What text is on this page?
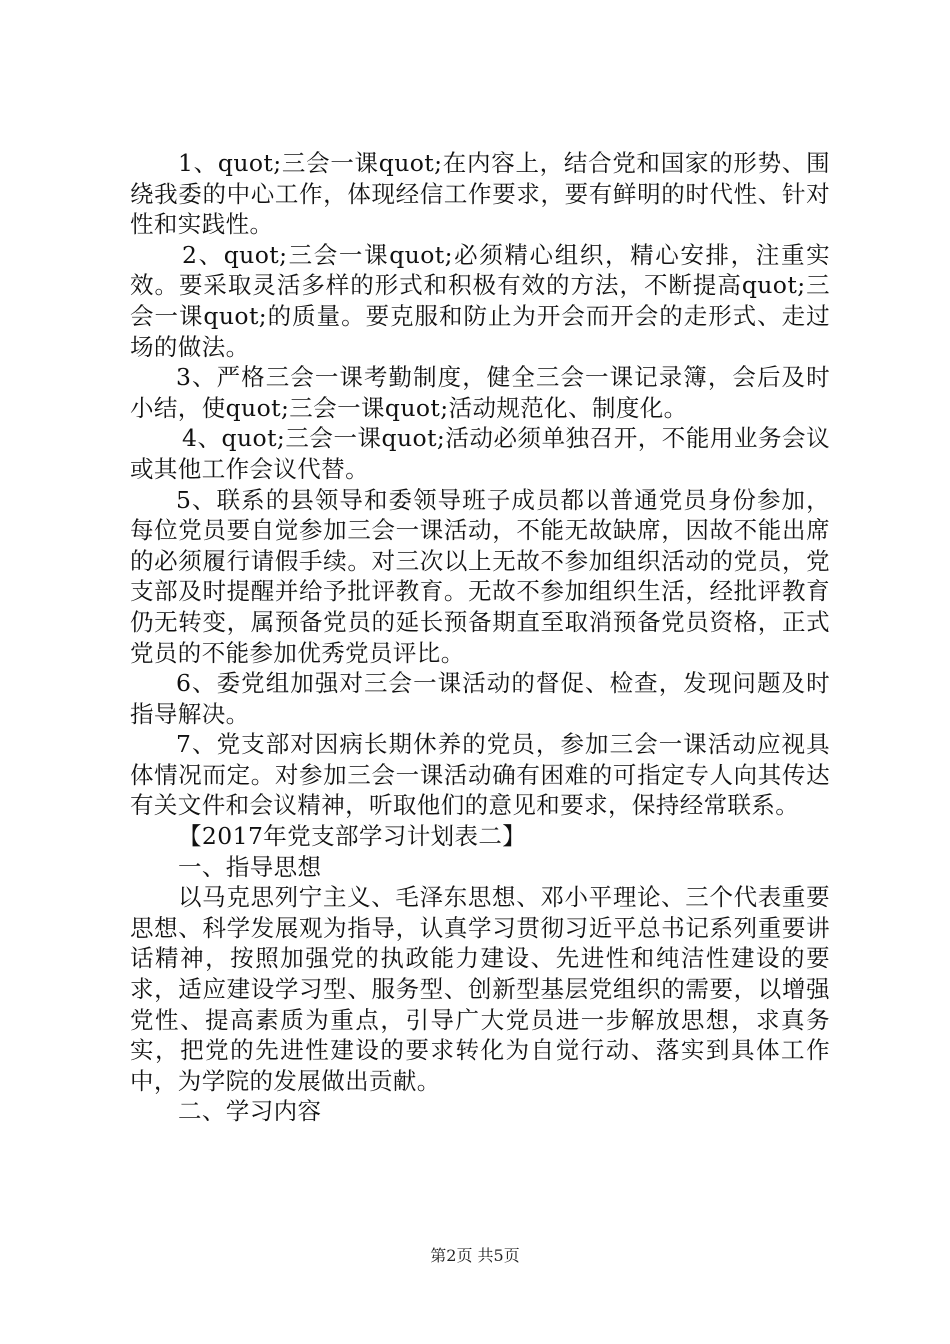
1、quot;三会一课quot;在内容上，结合党和国家的形势、围绕我委的中心工作，体现经信工作要求，要有鲜明的时代性、针对性和实践性。

2、quot;三会一课quot;必须精心组织，精心安排，注重实效。要采取灵活多样的形式和积极有效的方法，不断提高quot;三会一课quot;的质量。要克服和防止为开会而开会的走形式、走过场的做法。

3、严格三会一课考勤制度，健全三会一课记录簿，会后及时小结，使quot;三会一课quot;活动规范化、制度化。

4、quot;三会一课quot;活动必须单独召开，不能用业务会议或其他工作会议代替。

5、联系的县领导和委领导班子成员都以普通党员身份参加，每位党员要自觉参加三会一课活动，不能无故缺席，因故不能出席的必须履行请假手续。对三次以上无故不参加组织活动的党员，党支部及时提醒并给予批评教育。无故不参加组织生活，经批评教育仍无转变，属预备党员的延长预备期直至取消预备党员资格，正式党员的不能参加优秀党员评比。

6、委党组加强对三会一课活动的督促、检查，发现问题及时指导解决。

7、党支部对因病长期休养的党员，参加三会一课活动应视具体情况而定。对参加三会一课活动确有困难的可指定专人向其传达有关文件和会议精神，听取他们的意见和要求，保持经常联系。

【2017年党支部学习计划表二】

一、指导思想

以马克思列宁主义、毛泽东思想、邓小平理论、三个代表重要思想、科学发展观为指导，认真学习贯彻习近平总书记系列重要讲话精神，按照加强党的执政能力建设、先进性和纯洁性建设的要求，适应建设学习型、服务型、创新型基层党组织的需要，以增强党性、提高素质为重点，引导广大党员进一步解放思想，求真务实，把党的先进性建设的要求转化为自觉行动、落实到具体工作中，为学院的发展做出贡献。

二、学习内容

第2页 共5页
